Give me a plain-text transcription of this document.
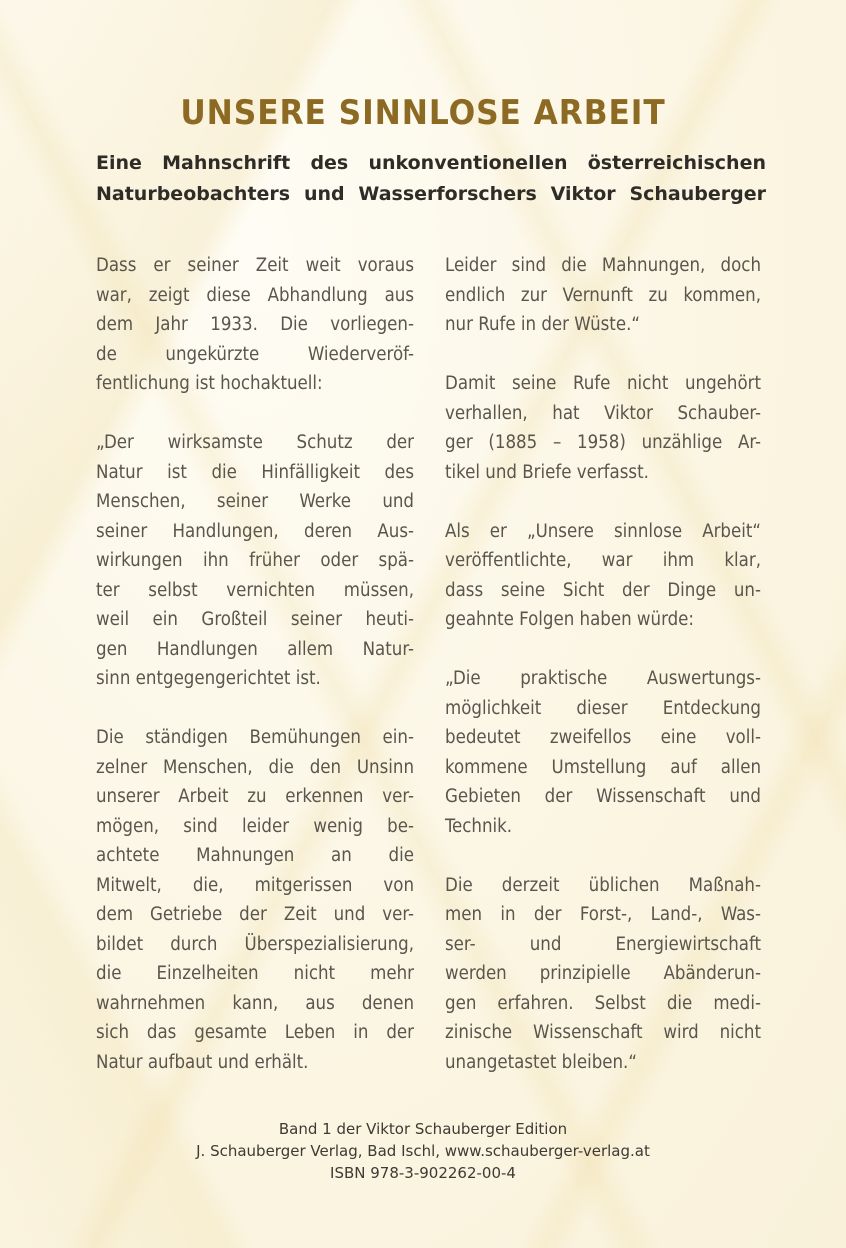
UNSERE SINNLOSE ARBEIT
Eine Mahnschrift des unkonventionellen österreichischen
Naturbeobachters und Wasserforschers Viktor Schauberger

Dass er seiner Zeit weit voraus
war, zeigt diese Abhandlung aus
dem Jahr 1933. Die vorliegen-
de ungekürzte Wiederveröf-
fentlichung ist hochaktuell:

„Der wirksamste Schutz der
Natur ist die Hinfälligkeit des
Menschen, seiner Werke und
seiner Handlungen, deren Aus-
wirkungen ihn früher oder spä-
ter selbst vernichten müssen,
weil ein Großteil seiner heuti-
gen Handlungen allem Natur-
sinn entgegengerichtet ist.

Die ständigen Bemühungen ein-
zelner Menschen, die den Unsinn
unserer Arbeit zu erkennen ver-
mögen, sind leider wenig be-
achtete Mahnungen an die
Mitwelt, die, mitgerissen von
dem Getriebe der Zeit und ver-
bildet durch Überspezialisierung,
die Einzelheiten nicht mehr
wahrnehmen kann, aus denen
sich das gesamte Leben in der
Natur aufbaut und erhält.

Leider sind die Mahnungen, doch
endlich zur Vernunft zu kommen,
nur Rufe in der Wüste.“

Damit seine Rufe nicht ungehört
verhallen, hat Viktor Schauber-
ger (1885 – 1958) unzählige Ar-
tikel und Briefe verfasst.

Als er „Unsere sinnlose Arbeit“
veröffentlichte, war ihm klar,
dass seine Sicht der Dinge un-
geahnte Folgen haben würde:

„Die praktische Auswertungs-
möglichkeit dieser Entdeckung
bedeutet zweifellos eine voll-
kommene Umstellung auf allen
Gebieten der Wissenschaft und
Technik.

Die derzeit üblichen Maßnah-
men in der Forst-, Land-, Was-
ser- und Energiewirtschaft
werden prinzipielle Abänderun-
gen erfahren. Selbst die medi-
zinische Wissenschaft wird nicht
unangetastet bleiben.“

Band 1 der Viktor Schauberger Edition
J. Schauberger Verlag, Bad Ischl, www.schauberger-verlag.at
ISBN 978-3-902262-00-4
